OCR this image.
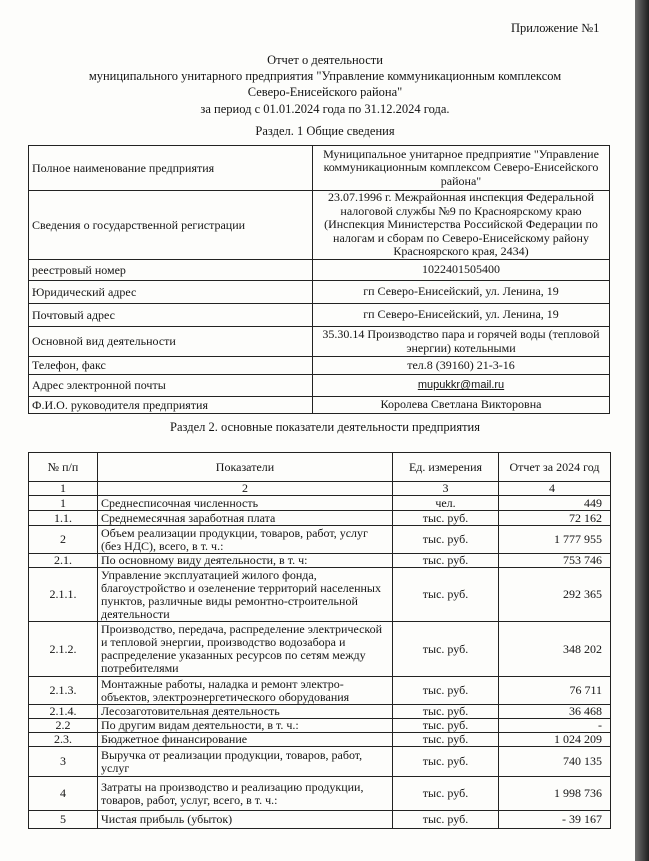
Приложение №1
Отчет о деятельности
муниципального унитарного предприятия "Управление коммуникационным комплексом
Северо-Енисейского района"
за период с 01.01.2024 года по 31.12.2024 года.
Раздел. 1 Общие сведения
Полное наименование предприятия	Муниципальное унитарное предприятие "Управление коммуникационным комплексом Северо-Енисейского района"
Сведения о государственной регистрации	23.07.1996 г. Межрайонная инспекция Федеральной налоговой службы №9 по Красноярскому краю (Инспекция Министерства Российской Федерации по налогам и сборам по Северо-Енисейскому району Красноярского края, 2434)
реестровый номер	1022401505400
Юридический адрес	гп Северо-Енисейский, ул. Ленина, 19
Почтовый адрес	гп Северо-Енисейский, ул. Ленина, 19
Основной вид деятельности	35.30.14 Производство пара и горячей воды (тепловой энергии) котельными
Телефон, факс	тел.8 (39160) 21-3-16
Адрес электронной почты	mupukkr@mail.ru
Ф.И.О. руководителя предприятия	Королева Светлана Викторовна
Раздел 2. основные показатели деятельности предприятия
№ п/п	Показатели	Ед. измерения	Отчет за 2024 год
1	2	3	4
1	Среднесписочная численность	чел.	449
1.1.	Среднемесячная заработная плата	тыс. руб.	72 162
2	Объем реализации продукции, товаров, работ, услуг (без НДС), всего, в т. ч.:	тыс. руб.	1 777 955
2.1.	По основному виду деятельности, в т. ч:	тыс. руб.	753 746
2.1.1.	Управление эксплуатацией жилого фонда, благоустройство и озеленение территорий населенных пунктов, различные виды ремонтно-строительной деятельности	тыс. руб.	292 365
2.1.2.	Производство, передача, распределение электрической и тепловой энергии, производство водозабора и распределение указанных ресурсов по сетям между потребителями	тыс. руб.	348 202
2.1.3.	Монтажные работы, наладка и ремонт электро-объектов, электроэнергетического оборудования	тыс. руб.	76 711
2.1.4.	Лесозаготовительная деятельность	тыс. руб.	36 468
2.2	По другим видам деятельности, в т. ч.:	тыс. руб.	-
2.3.	Бюджетное финансирование	тыс. руб.	1 024 209
3	Выручка от реализации продукции, товаров, работ, услуг	тыс. руб.	740 135
4	Затраты на производство и реализацию продукции, товаров, работ, услуг, всего, в т. ч.:	тыс. руб.	1 998 736
5	Чистая прибыль (убыток)	тыс. руб.	- 39 167
